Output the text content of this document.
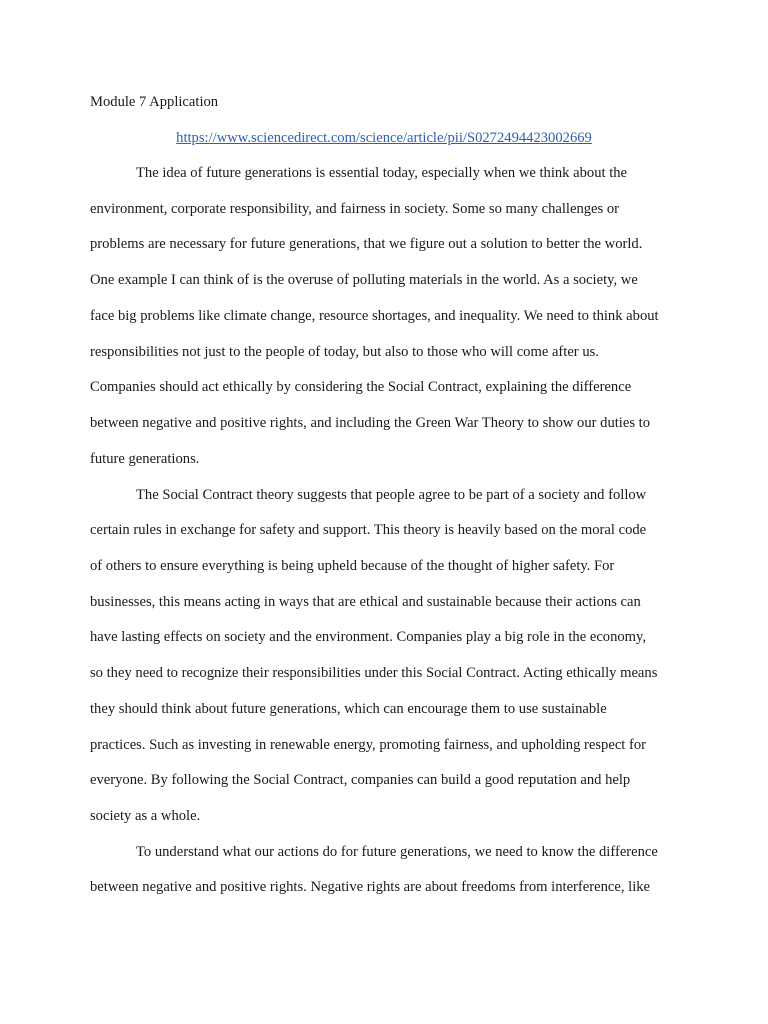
Module 7 Application
https://www.sciencedirect.com/science/article/pii/S0272494423002669
The idea of future generations is essential today, especially when we think about the
environment, corporate responsibility, and fairness in society. Some so many challenges or
problems are necessary for future generations, that we figure out a solution to better the world.
One example I can think of is the overuse of polluting materials in the world. As a society, we
face big problems like climate change, resource shortages, and inequality. We need to think about
responsibilities not just to the people of today, but also to those who will come after us.
Companies should act ethically by considering the Social Contract, explaining the difference
between negative and positive rights, and including the Green War Theory to show our duties to
future generations.
The Social Contract theory suggests that people agree to be part of a society and follow
certain rules in exchange for safety and support. This theory is heavily based on the moral code
of others to ensure everything is being upheld because of the thought of higher safety. For
businesses, this means acting in ways that are ethical and sustainable because their actions can
have lasting effects on society and the environment. Companies play a big role in the economy,
so they need to recognize their responsibilities under this Social Contract. Acting ethically means
they should think about future generations, which can encourage them to use sustainable
practices. Such as investing in renewable energy, promoting fairness, and upholding respect for
everyone. By following the Social Contract, companies can build a good reputation and help
society as a whole.
To understand what our actions do for future generations, we need to know the difference
between negative and positive rights. Negative rights are about freedoms from interference, like
